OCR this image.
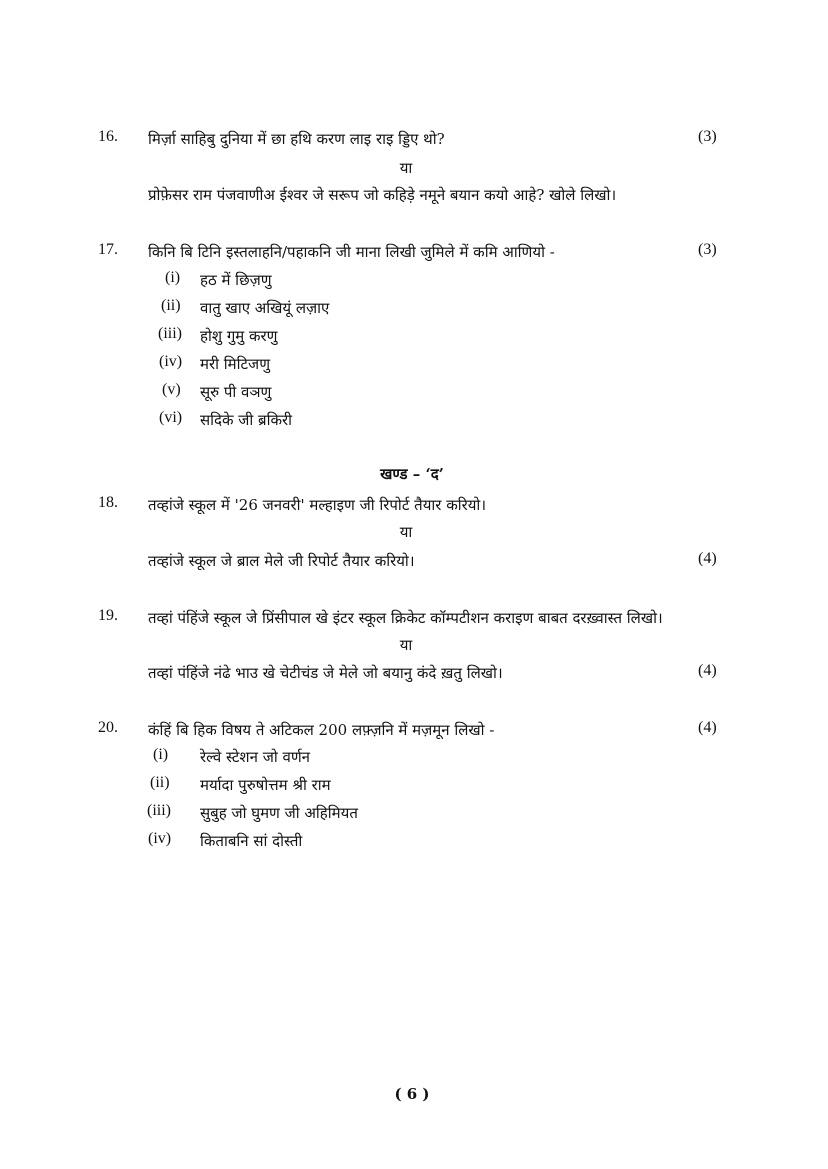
16. मिर्ज़ा साहिबु दुनिया में छा हथि करण लाइ राइ ड्डिए थो?	(3)
या
प्रोफ़ेसर राम पंजवाणीअ ईश्वर जे सरूप जो कहिड़े नमूने बयान कयो आहे? खोले लिखो।
17. किनि बि टिनि इस्तलाहनि/पहाकनि जी माना लिखी जुमिले में कमि आणियो -	(3)
(i) हठ में छिज़णु
(ii) वातु खाए अखियूं लज़ाए
(iii) होशु गुमु करणु
(iv) मरी मिटिजणु
(v) सूरु पी वञणु
(vi) सदिके जी ब्रकिरी
खण्ड – ‘द’
18. तव्हांजे स्कूल में '26 जनवरी' मल्हाइण जी रिपोर्ट तैयार करियो।
या
तव्हांजे स्कूल जे ब्राल मेले जी रिपोर्ट तैयार करियो।	(4)
19. तव्हां पंहिंजे स्कूल जे प्रिंसीपाल खे इंटर स्कूल क्रिकेट कॉम्पटीशन कराइण बाबत दरख़्वास्त लिखो।
या
तव्हां पंहिंजे नंढे भाउ खे चेटीचंड जे मेले जो बयानु कंदे ख़तु लिखो।	(4)
20. कंहिं बि हिक विषय ते अटिकल 200 लफ़्ज़नि में मज़मून लिखो -	(4)
(i) रेल्वे स्टेशन जो वर्णन
(ii) मर्यादा पुरुषोत्तम श्री राम
(iii) सुबुह जो घुमण जी अहिमियत
(iv) किताबनि सां दोस्ती
( 6 )
